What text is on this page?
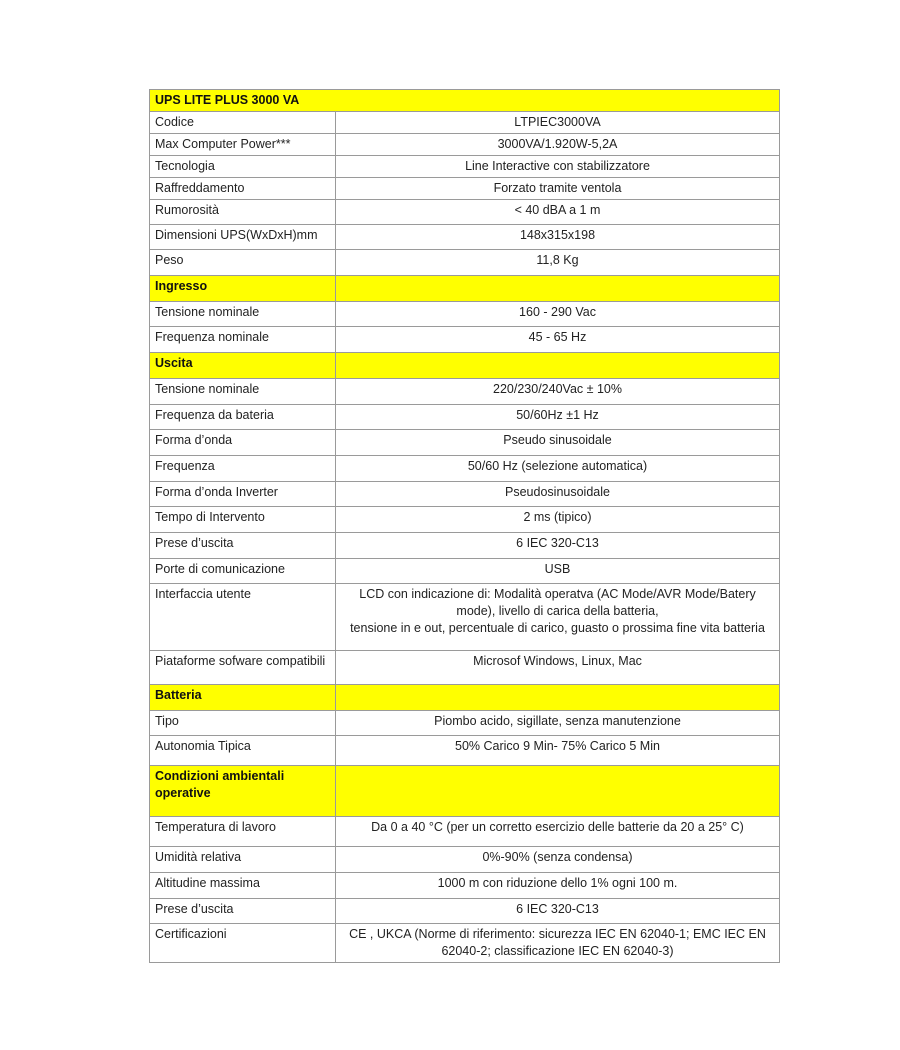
UPS LITE PLUS 3000 VA	
Codice	LTPIEC3000VA
Max Computer Power***	3000VA/1.920W-5,2A
Tecnologia	Line Interactive con stabilizzatore
Raffreddamento	Forzato tramite ventola
Rumorosità	< 40 dBA a 1 m
Dimensioni UPS(WxDxH)mm	148x315x198
Peso	11,8 Kg
Ingresso	
Tensione nominale	160 - 290 Vac
Frequenza nominale	45 - 65 Hz
Uscita	
Tensione nominale	220/230/240Vac ± 10%
Frequenza da bateria	50/60Hz ±1 Hz
Forma d’onda	Pseudo sinusoidale
Frequenza	50/60 Hz (selezione automatica)
Forma d’onda Inverter	Pseudosinusoidale
Tempo di Intervento	2 ms (tipico)
Prese d’uscita	6 IEC 320-C13
Porte di comunicazione	USB
Interfaccia utente	LCD con indicazione di: Modalità operatva (AC Mode/AVR Mode/Batery mode), livello di carica della batteria,
tensione in e out, percentuale di carico, guasto o prossima fine vita batteria
Piataforme sofware compatibili	Microsof Windows, Linux, Mac
Batteria	
Tipo	Piombo acido, sigillate, senza manutenzione
Autonomia Tipica	50% Carico 9 Min- 75% Carico 5 Min
Condizioni ambientali operative	
Temperatura di lavoro	Da 0 a 40 °C (per un corretto esercizio delle batterie da 20 a 25° C)
Umidità relativa	0%-90% (senza condensa)
Altitudine massima	1000 m con riduzione dello 1% ogni 100 m.
Prese d’uscita	6 IEC 320-C13
Certificazioni	CE , UKCA (Norme di riferimento: sicurezza IEC EN 62040-1; EMC IEC EN 62040-2; classificazione IEC EN 62040-3)
